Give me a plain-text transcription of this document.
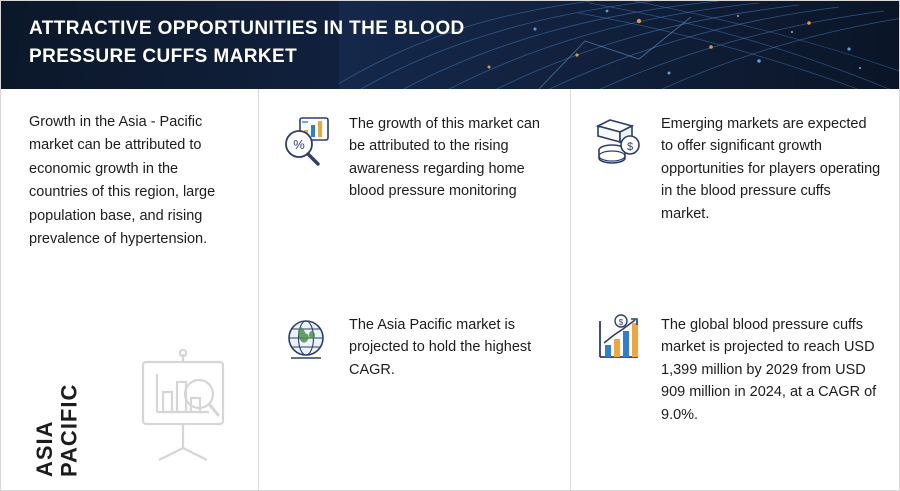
ATTRACTIVE OPPORTUNITIES IN THE BLOOD PRESSURE CUFFS MARKET
Growth in the Asia - Pacific market can be attributed to economic growth in the countries of this region, large population base, and rising prevalence of hypertension.
ASIA PACIFIC
%
The growth of this market can be attributed to the rising awareness regarding home blood pressure monitoring
$
Emerging markets are expected to offer significant growth opportunities for players operating in the blood pressure cuffs market.
The Asia Pacific market is projected to hold the highest CAGR.
$	The global blood pressure cuffs market is projected to reach USD 1,399 million by 2029 from USD 909 million in 2024, at a CAGR of 9.0%.
